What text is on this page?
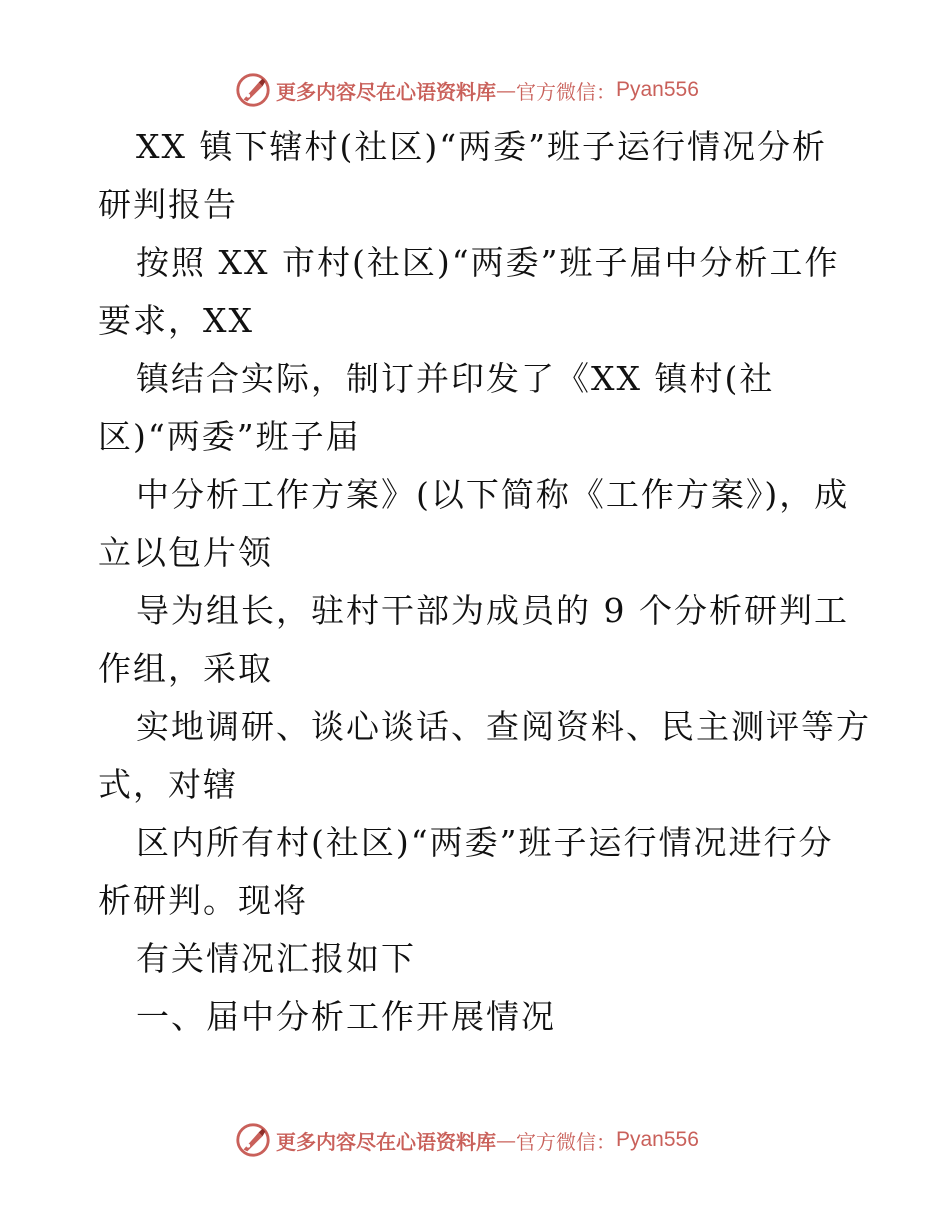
更多内容尽在心语资料库 — 官方微信： Pyan556
XX 镇下辖村(社区)“两委”班子运行情况分析
研判报告
按照 XX 市村(社区)“两委”班子届中分析工作
要求，XX
镇结合实际，制订并印发了《XX 镇村(社
区)“两委”班子届
中分析工作方案》(以下简称《工作方案》)，成
立以包片领
导为组长，驻村干部为成员的 9 个分析研判工
作组，采取
实地调研、谈心谈话、查阅资料、民主测评等方
式，对辖
区内所有村(社区)“两委”班子运行情况进行分
析研判。现将
有关情况汇报如下
一、届中分析工作开展情况
更多内容尽在心语资料库 — 官方微信： Pyan556
